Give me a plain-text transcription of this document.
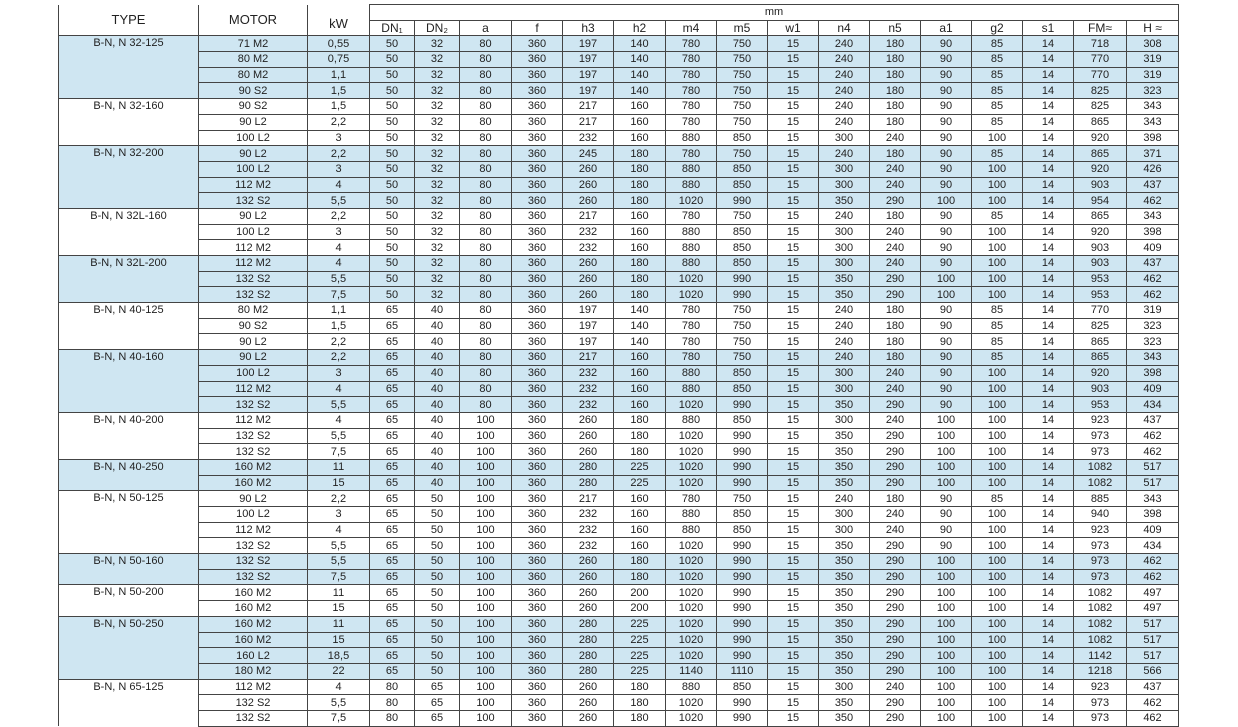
TYPE	MOTOR	kW	mm															
			DN₁	DN₂	a	f	h3	h2	m4	m5	w1	n4	n5	a1	g2	s1	FM≈	H ≈
B-N, N 32-125	71 M2	0,55	50	32	80	360	197	140	780	750	15	240	180	90	85	14	718	308
	80 M2	0,75	50	32	80	360	197	140	780	750	15	240	180	90	85	14	770	319
	80 M2	1,1	50	32	80	360	197	140	780	750	15	240	180	90	85	14	770	319
	90 S2	1,5	50	32	80	360	197	140	780	750	15	240	180	90	85	14	825	323
B-N, N 32-160	90 S2	1,5	50	32	80	360	217	160	780	750	15	240	180	90	85	14	825	343
	90 L2	2,2	50	32	80	360	217	160	780	750	15	240	180	90	85	14	865	343
	100 L2	3	50	32	80	360	232	160	880	850	15	300	240	90	100	14	920	398
B-N, N 32-200	90 L2	2,2	50	32	80	360	245	180	780	750	15	240	180	90	85	14	865	371
	100 L2	3	50	32	80	360	260	180	880	850	15	300	240	90	100	14	920	426
	112 M2	4	50	32	80	360	260	180	880	850	15	300	240	90	100	14	903	437
	132 S2	5,5	50	32	80	360	260	180	1020	990	15	350	290	100	100	14	954	462
B-N, N 32L-160	90 L2	2,2	50	32	80	360	217	160	780	750	15	240	180	90	85	14	865	343
	100 L2	3	50	32	80	360	232	160	880	850	15	300	240	90	100	14	920	398
	112 M2	4	50	32	80	360	232	160	880	850	15	300	240	90	100	14	903	409
B-N, N 32L-200	112 M2	4	50	32	80	360	260	180	880	850	15	300	240	90	100	14	903	437
	132 S2	5,5	50	32	80	360	260	180	1020	990	15	350	290	100	100	14	953	462
	132 S2	7,5	50	32	80	360	260	180	1020	990	15	350	290	100	100	14	953	462
B-N, N 40-125	80 M2	1,1	65	40	80	360	197	140	780	750	15	240	180	90	85	14	770	319
	90 S2	1,5	65	40	80	360	197	140	780	750	15	240	180	90	85	14	825	323
	90 L2	2,2	65	40	80	360	197	140	780	750	15	240	180	90	85	14	865	323
B-N, N 40-160	90 L2	2,2	65	40	80	360	217	160	780	750	15	240	180	90	85	14	865	343
	100 L2	3	65	40	80	360	232	160	880	850	15	300	240	90	100	14	920	398
	112 M2	4	65	40	80	360	232	160	880	850	15	300	240	90	100	14	903	409
	132 S2	5,5	65	40	80	360	232	160	1020	990	15	350	290	90	100	14	953	434
B-N, N 40-200	112 M2	4	65	40	100	360	260	180	880	850	15	300	240	100	100	14	923	437
	132 S2	5,5	65	40	100	360	260	180	1020	990	15	350	290	100	100	14	973	462
	132 S2	7,5	65	40	100	360	260	180	1020	990	15	350	290	100	100	14	973	462
B-N, N 40-250	160 M2	11	65	40	100	360	280	225	1020	990	15	350	290	100	100	14	1082	517
	160 M2	15	65	40	100	360	280	225	1020	990	15	350	290	100	100	14	1082	517
B-N, N 50-125	90 L2	2,2	65	50	100	360	217	160	780	750	15	240	180	90	85	14	885	343
	100 L2	3	65	50	100	360	232	160	880	850	15	300	240	90	100	14	940	398
	112 M2	4	65	50	100	360	232	160	880	850	15	300	240	90	100	14	923	409
	132 S2	5,5	65	50	100	360	232	160	1020	990	15	350	290	90	100	14	973	434
B-N, N 50-160	132 S2	5,5	65	50	100	360	260	180	1020	990	15	350	290	100	100	14	973	462
	132 S2	7,5	65	50	100	360	260	180	1020	990	15	350	290	100	100	14	973	462
B-N, N 50-200	160 M2	11	65	50	100	360	260	200	1020	990	15	350	290	100	100	14	1082	497
	160 M2	15	65	50	100	360	260	200	1020	990	15	350	290	100	100	14	1082	497
B-N, N 50-250	160 M2	11	65	50	100	360	280	225	1020	990	15	350	290	100	100	14	1082	517
	160 M2	15	65	50	100	360	280	225	1020	990	15	350	290	100	100	14	1082	517
	160 L2	18,5	65	50	100	360	280	225	1020	990	15	350	290	100	100	14	1142	517
	180 M2	22	65	50	100	360	280	225	1140	1110	15	350	290	100	100	14	1218	566
B-N, N 65-125	112 M2	4	80	65	100	360	260	180	880	850	15	300	240	100	100	14	923	437
	132 S2	5,5	80	65	100	360	260	180	1020	990	15	350	290	100	100	14	973	462
	132 S2	7,5	80	65	100	360	260	180	1020	990	15	350	290	100	100	14	973	462
